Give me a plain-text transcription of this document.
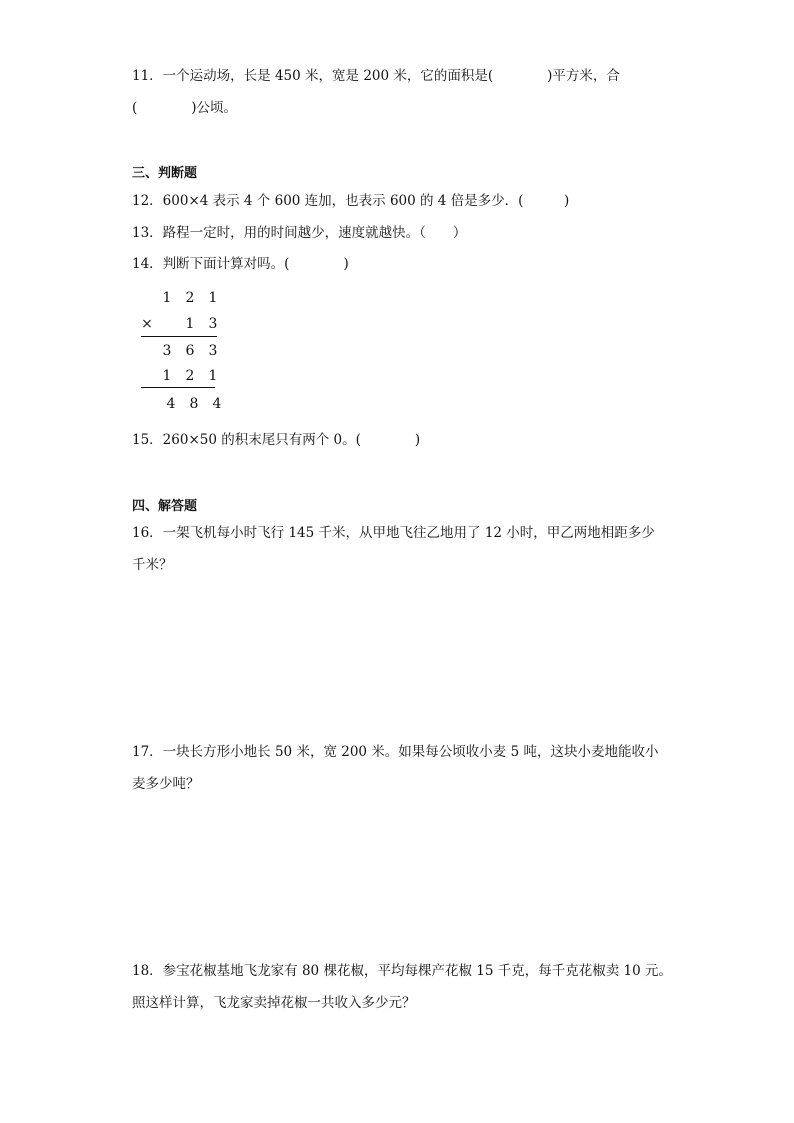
11．一个运动场，长是 450 米，宽是 200 米，它的面积是(　　　　)平方米，合
(　　　　)公顷。
三、判断题
12．600×4 表示 4 个 600 连加，也表示 600 的 4 倍是多少．(　　　)
13．路程一定时，用的时间越少，速度就越快。（　　）
14．判断下面计算对吗。(　　　　)
1 2 1
× 1 3
3 6 3
1 2 1
4 8 4
15．260×50 的积末尾只有两个 0。(　　　　)
四、解答题
16．一架飞机每小时飞行 145 千米，从甲地飞往乙地用了 12 小时，甲乙两地相距多少
千米？
17．一块长方形小地长 50 米，宽 200 米。如果每公顷收小麦 5 吨，这块小麦地能收小
麦多少吨？
18．参宝花椒基地飞龙家有 80 棵花椒，平均每棵产花椒 15 千克，每千克花椒卖 10 元。
照这样计算，飞龙家卖掉花椒一共收入多少元？
